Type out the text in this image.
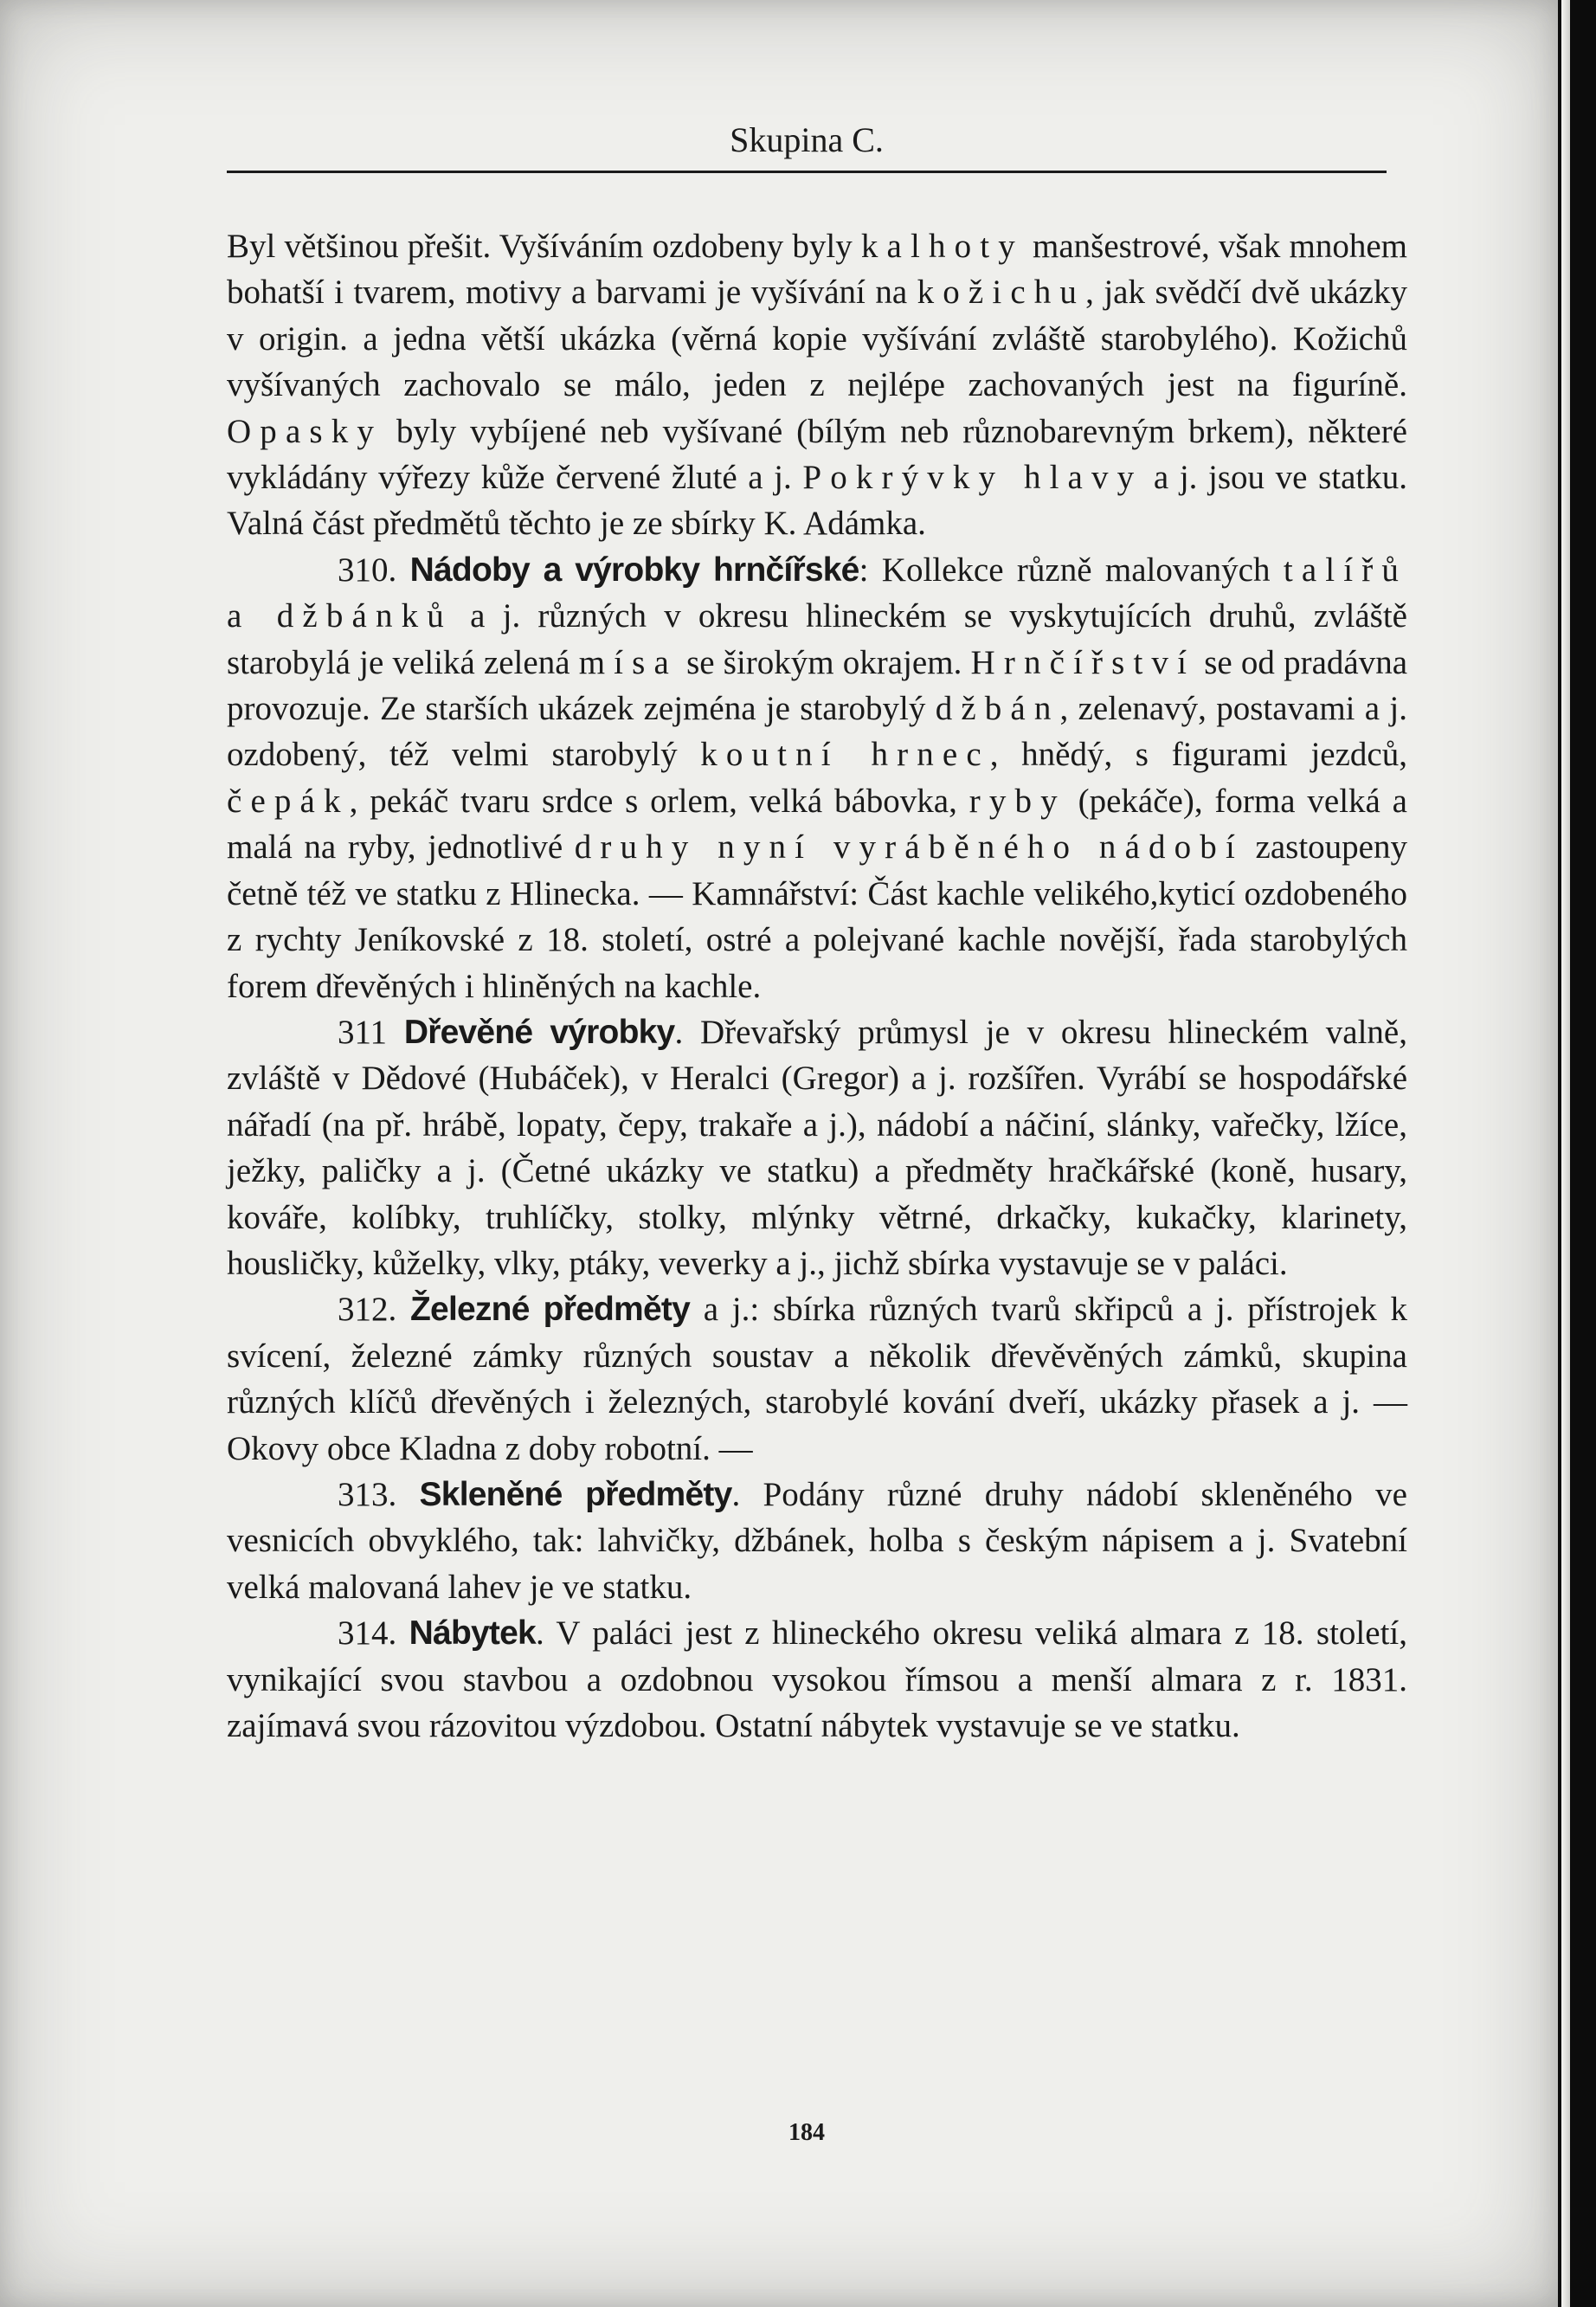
Skupina C.

Byl většinou přešit. Vyšíváním ozdobeny byly kalhoty manšestrové, však mnohem bohatší i tvarem, motivy a barvami je vyšívání na kožichu, jak svědčí dvě ukázky v origin. a jedna větší ukázka (věrná kopie vyšívání zvláště starobylého). Kožichů vyšívaných zachovalo se málo, jeden z nejlépe zachovaných jest na figuríně. Opasky byly vybíjené neb vyšívané (bílým neb různobarevným brkem), některé vykládány výřezy kůže červené žluté a j. Pokrývky hlavy a j. jsou ve statku. Valná část předmětů těchto je ze sbírky K. Adámka.

310. Nádoby a výrobky hrnčířské: Kollekce různě malovaných talířů a džbánků a j. různých v okresu hlineckém se vyskytujících druhů, zvláště starobylá je veliká zelená mísa se širokým okrajem. Hrnčířství se od pradávna provozuje. Ze starších ukázek zejména je starobylý džbán, zelenavý, postavami a j. ozdobený, též velmi starobylý koutní hrnec, hnědý, s figurami jezdců, čepák, pekáč tvaru srdce s orlem, velká bábovka, ryby (pekáče), forma velká a malá na ryby, jednotlivé druhy nyní vyráběného nádobí zastoupeny četně též ve statku z Hlinecka. — Kamnářství: Část kachle velikého,kyticí ozdobeného z rychty Jeníkovské z 18. století, ostré a polejvané kachle novější, řada starobylých forem dřevěných i hliněných na kachle.

311 Dřevěné výrobky. Dřevařský průmysl je v okresu hlineckém valně, zvláště v Dědové (Hubáček), v Heralci (Gregor) a j. rozšířen. Vyrábí se hospodářské nářadí (na př. hrábě, lopaty, čepy, trakaře a j.), nádobí a náčiní, slánky, vařečky, lžíce, ježky, paličky a j. (Četné ukázky ve statku) a předměty hračkářské (koně, husary, kováře, kolíbky, truhlíčky, stolky, mlýnky větrné, drkačky, kukačky, klarinety, housličky, kůželky, vlky, ptáky, veverky a j., jichž sbírka vystavuje se v paláci.

312. Železné předměty a j.: sbírka různých tvarů skřipců a j. přístrojek k svícení, železné zámky různých soustav a několik dřevěvěných zámků, skupina různých klíčů dřevěných i železných, starobylé kování dveří, ukázky přasek a j. — Okovy obce Kladna z doby robotní. —

313. Skleněné předměty. Podány různé druhy nádobí skleněného ve vesnicích obvyklého, tak: lahvičky, džbánek, holba s českým nápisem a j. Svatební velká malovaná lahev je ve statku.

314. Nábytek. V paláci jest z hlineckého okresu veliká almara z 18. století, vynikající svou stavbou a ozdobnou vysokou římsou a menší almara z r. 1831. zajímavá svou rázovitou výzdobou. Ostatní nábytek vystavuje se ve statku.

184
